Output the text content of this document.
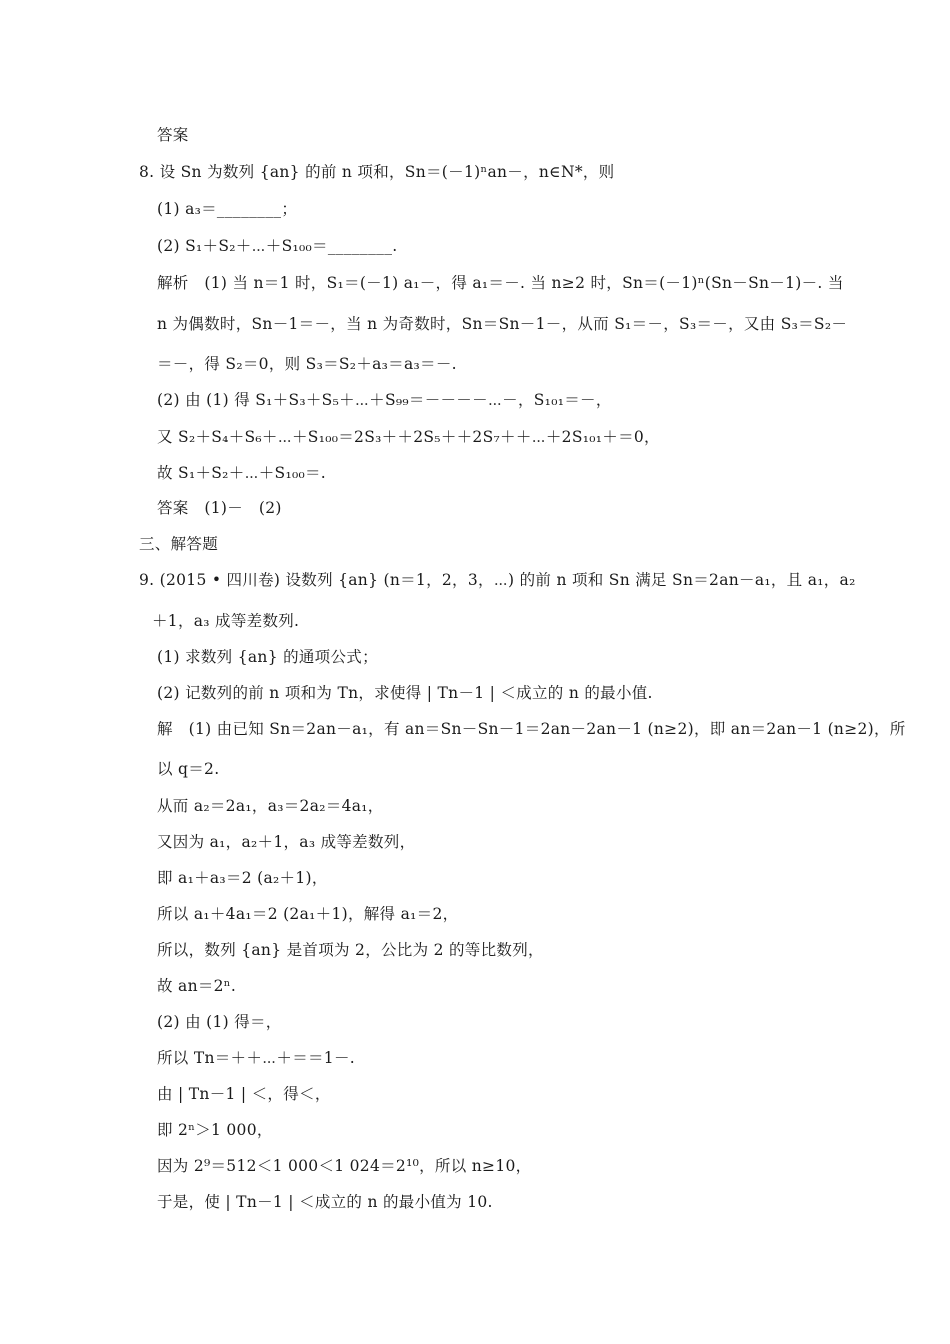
答案
8. 设 Sn 为数列 {an} 的前 n 项和，Sn＝(－1)ⁿan－，n∈N*，则
(1) a₃＝________；
(2) S₁＋S₂＋⋯＋S₁₀₀＝________.
解析　(1) 当 n＝1 时，S₁＝(－1) a₁－，得 a₁＝－. 当 n≥2 时，Sn＝(－1)ⁿ(Sn－Sn－1)－. 当
n 为偶数时，Sn－1＝－，当 n 为奇数时，Sn＝Sn－1－，从而 S₁＝－，S₃＝－，又由 S₃＝S₂－
＝－，得 S₂＝0，则 S₃＝S₂＋a₃＝a₃＝－.
(2) 由 (1) 得 S₁＋S₃＋S₅＋⋯＋S₉₉＝－－－－⋯－，S₁₀₁＝－，
又 S₂＋S₄＋S₆＋⋯＋S₁₀₀＝2S₃＋＋2S₅＋＋2S₇＋＋⋯＋2S₁₀₁＋＝0，
故 S₁＋S₂＋⋯＋S₁₀₀＝.
答案　(1)－　(2)
三、解答题
9. (2015 • 四川卷) 设数列 {an} (n＝1，2，3，⋯) 的前 n 项和 Sn 满足 Sn＝2an－a₁，且 a₁，a₂
＋1，a₃ 成等差数列.
(1) 求数列 {an} 的通项公式；
(2) 记数列的前 n 项和为 Tn，求使得 | Tn－1 | ＜成立的 n 的最小值.
解　(1) 由已知 Sn＝2an－a₁，有 an＝Sn－Sn－1＝2an－2an－1 (n≥2)，即 an＝2an－1 (n≥2)，所
以 q＝2.
从而 a₂＝2a₁，a₃＝2a₂＝4a₁，
又因为 a₁，a₂＋1，a₃ 成等差数列，
即 a₁＋a₃＝2 (a₂＋1)，
所以 a₁＋4a₁＝2 (2a₁＋1)，解得 a₁＝2，
所以，数列 {an} 是首项为 2，公比为 2 的等比数列，
故 an＝2ⁿ.
(2) 由 (1) 得＝，
所以 Tn＝＋＋⋯＋＝＝1－.
由 | Tn－1 | ＜，得＜，
即 2ⁿ＞1 000，
因为 2⁹＝512＜1 000＜1 024＝2¹⁰，所以 n≥10，
于是，使 | Tn－1 | ＜成立的 n 的最小值为 10.
